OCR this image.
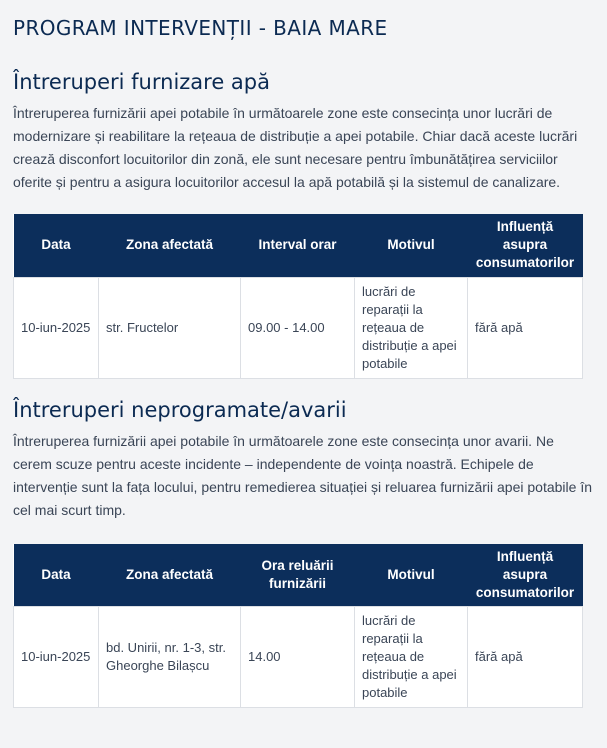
PROGRAM INTERVENȚII - BAIA MARE
Întreruperi furnizare apă

Întreruperea furnizării apei potabile în următoarele zone este consecința unor lucrări de modernizare și reabilitare la rețeaua de distribuție a apei potabile. Chiar dacă aceste lucrări crează disconfort locuitorilor din zonă, ele sunt necesare pentru îmbunătățirea serviciilor oferite și pentru a asigura locuitorilor accesul la apă potabilă și la sistemul de canalizare.

Data	Zona afectată	Interval orar	Motivul	Influență asupra consumatorilor
10-iun-2025	str. Fructelor	09.00 - 14.00	lucrări de reparații la rețeaua de distribuție a apei potabile	fără apă
Întreruperi neprogramate/avarii

Întreruperea furnizării apei potabile în următoarele zone este consecința unor avarii. Ne cerem scuze pentru aceste incidente – independente de voința noastră. Echipele de intervenție sunt la fața locului, pentru remedierea situației și reluarea furnizării apei potabile în cel mai scurt timp.

Data	Zona afectată	Ora reluării furnizării	Motivul	Influență asupra consumatorilor
10-iun-2025	bd. Unirii, nr. 1-3, str. Gheorghe Bilașcu	14.00	lucrări de reparații la rețeaua de distribuție a apei potabile	fără apă
